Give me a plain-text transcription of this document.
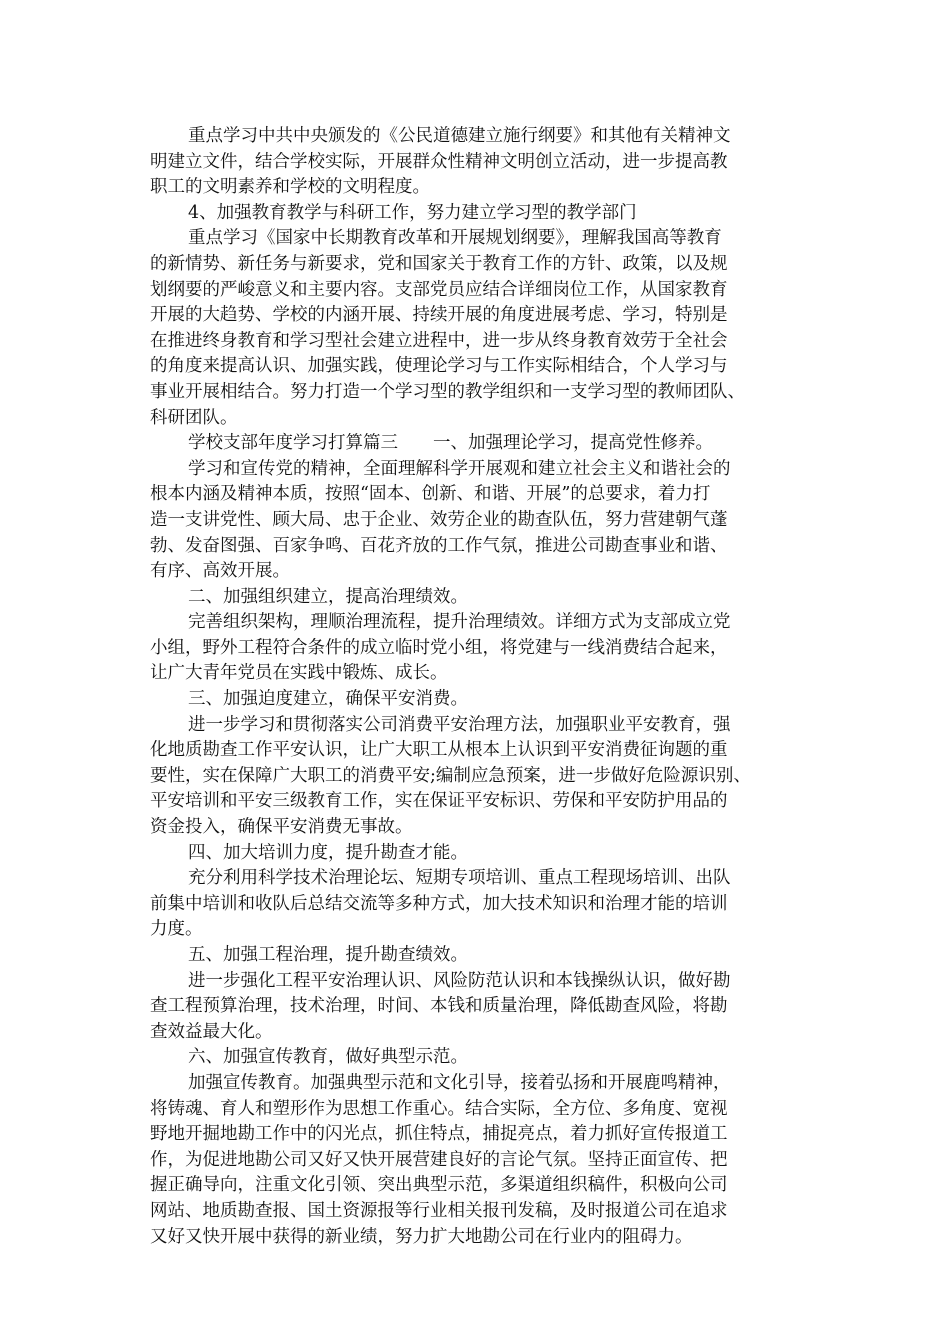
重点学习中共中央颁发的《公民道德建立施行纲要》和其他有关精神文
明建立文件，结合学校实际，开展群众性精神文明创立活动，进一步提高教
职工的文明素养和学校的文明程度。
4、加强教育教学与科研工作，努力建立学习型的教学部门
重点学习《国家中长期教育改革和开展规划纲要》，理解我国高等教育
的新情势、新任务与新要求，党和国家关于教育工作的方针、政策，以及规
划纲要的严峻意义和主要内容。支部党员应结合详细岗位工作，从国家教育
开展的大趋势、学校的内涵开展、持续开展的角度进展考虑、学习，特别是
在推进终身教育和学习型社会建立进程中，进一步从终身教育效劳于全社会
的角度来提高认识、加强实践，使理论学习与工作实际相结合，个人学习与
事业开展相结合。努力打造一个学习型的教学组织和一支学习型的教师团队、
科研团队。
学校支部年度学习打算篇三　　一、加强理论学习，提高党性修养。
学习和宣传党的精神，全面理解科学开展观和建立社会主义和谐社会的
根本内涵及精神本质，按照“固本、创新、和谐、开展”的总要求，着力打
造一支讲党性、顾大局、忠于企业、效劳企业的勘查队伍，努力营建朝气蓬
勃、发奋图强、百家争鸣、百花齐放的工作气氛，推进公司勘查事业和谐、
有序、高效开展。
二、加强组织建立，提高治理绩效。
完善组织架构，理顺治理流程，提升治理绩效。详细方式为支部成立党
小组，野外工程符合条件的成立临时党小组，将党建与一线消费结合起来，
让广大青年党员在实践中锻炼、成长。
三、加强迫度建立，确保平安消费。
进一步学习和贯彻落实公司消费平安治理方法，加强职业平安教育，强
化地质勘查工作平安认识，让广大职工从根本上认识到平安消费征询题的重
要性，实在保障广大职工的消费平安;编制应急预案，进一步做好危险源识别、
平安培训和平安三级教育工作，实在保证平安标识、劳保和平安防护用品的
资金投入，确保平安消费无事故。
四、加大培训力度，提升勘查才能。
充分利用科学技术治理论坛、短期专项培训、重点工程现场培训、出队
前集中培训和收队后总结交流等多种方式，加大技术知识和治理才能的培训
力度。
五、加强工程治理，提升勘查绩效。
进一步强化工程平安治理认识、风险防范认识和本钱操纵认识，做好勘
查工程预算治理，技术治理，时间、本钱和质量治理，降低勘查风险，将勘
查效益最大化。
六、加强宣传教育，做好典型示范。
加强宣传教育。加强典型示范和文化引导，接着弘扬和开展鹿鸣精神，
将铸魂、育人和塑形作为思想工作重心。结合实际，全方位、多角度、宽视
野地开掘地勘工作中的闪光点，抓住特点，捕捉亮点，着力抓好宣传报道工
作，为促进地勘公司又好又快开展营建良好的言论气氛。坚持正面宣传、把
握正确导向，注重文化引领、突出典型示范，多渠道组织稿件，积极向公司
网站、地质勘查报、国土资源报等行业相关报刊发稿，及时报道公司在追求
又好又快开展中获得的新业绩，努力扩大地勘公司在行业内的阻碍力。
